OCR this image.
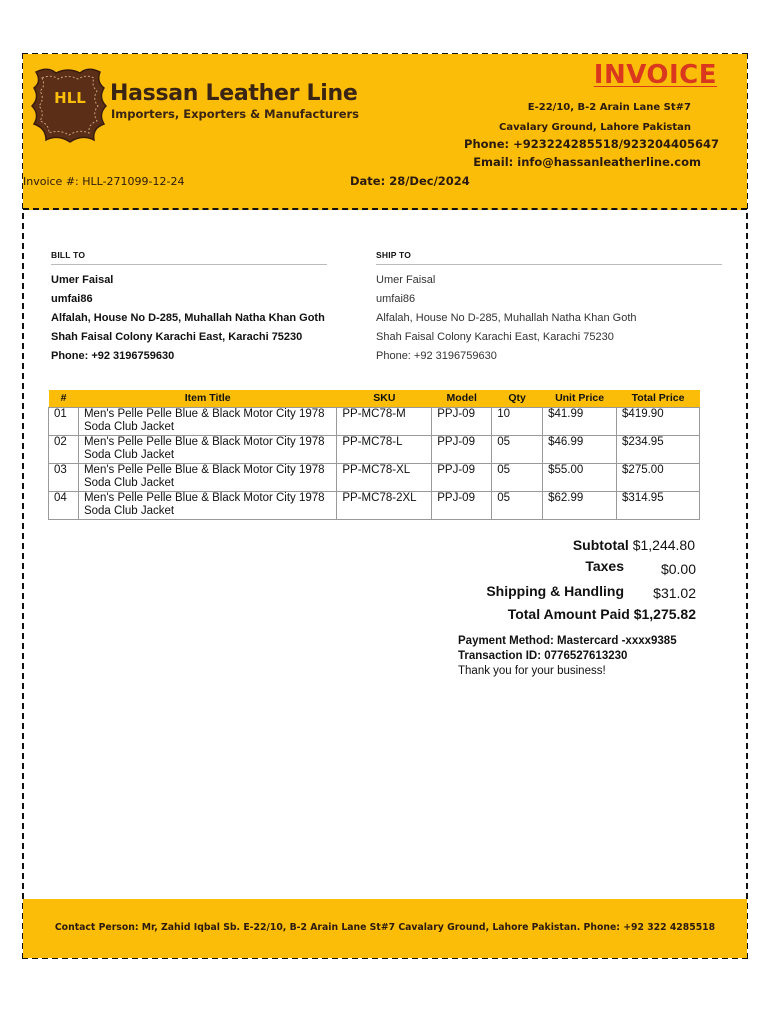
HLL	Hassan Leather Line
Importers, Exporters & Manufacturers
INVOICE
E-22/10, B-2 Arain Lane St#7
Cavalary Ground, Lahore Pakistan
Phone: +923224285518/923204405647
Email: info@hassanleatherline.com
Invoice #: HLL-271099-12-24	Date: 28/Dec/2024
BILL TO
Umer Faisal
umfai86
Alfalah, House No D-285, Muhallah Natha Khan Goth
Shah Faisal Colony Karachi East, Karachi 75230
Phone: +92 3196759630
SHIP TO
Umer Faisal
umfai86
Alfalah, House No D-285, Muhallah Natha Khan Goth
Shah Faisal Colony Karachi East, Karachi 75230
Phone: +92 3196759630
#	Item Title	SKU	Model	Qty	Unit Price	Total Price
01	Men's Pelle Pelle Blue & Black Motor City 1978 Soda Club Jacket	PP-MC78-M	PPJ-09	10	$41.99	$419.90
02	Men's Pelle Pelle Blue & Black Motor City 1978 Soda Club Jacket	PP-MC78-L	PPJ-09	05	$46.99	$234.95
03	Men's Pelle Pelle Blue & Black Motor City 1978 Soda Club Jacket	PP-MC78-XL	PPJ-09	05	$55.00	$275.00
04	Men's Pelle Pelle Blue & Black Motor City 1978 Soda Club Jacket	PP-MC78-2XL	PPJ-09	05	$62.99	$314.95
Subtotal $1,244.80
Taxes	$0.00
Shipping & Handling $31.02
Total Amount Paid $1,275.82
Payment Method: Mastercard -xxxx9385
Transaction ID: 0776527613230
Thank you for your business!
Contact Person: Mr, Zahid Iqbal Sb. E-22/10, B-2 Arain Lane St#7 Cavalary Ground, Lahore Pakistan. Phone: +92 322 4285518
